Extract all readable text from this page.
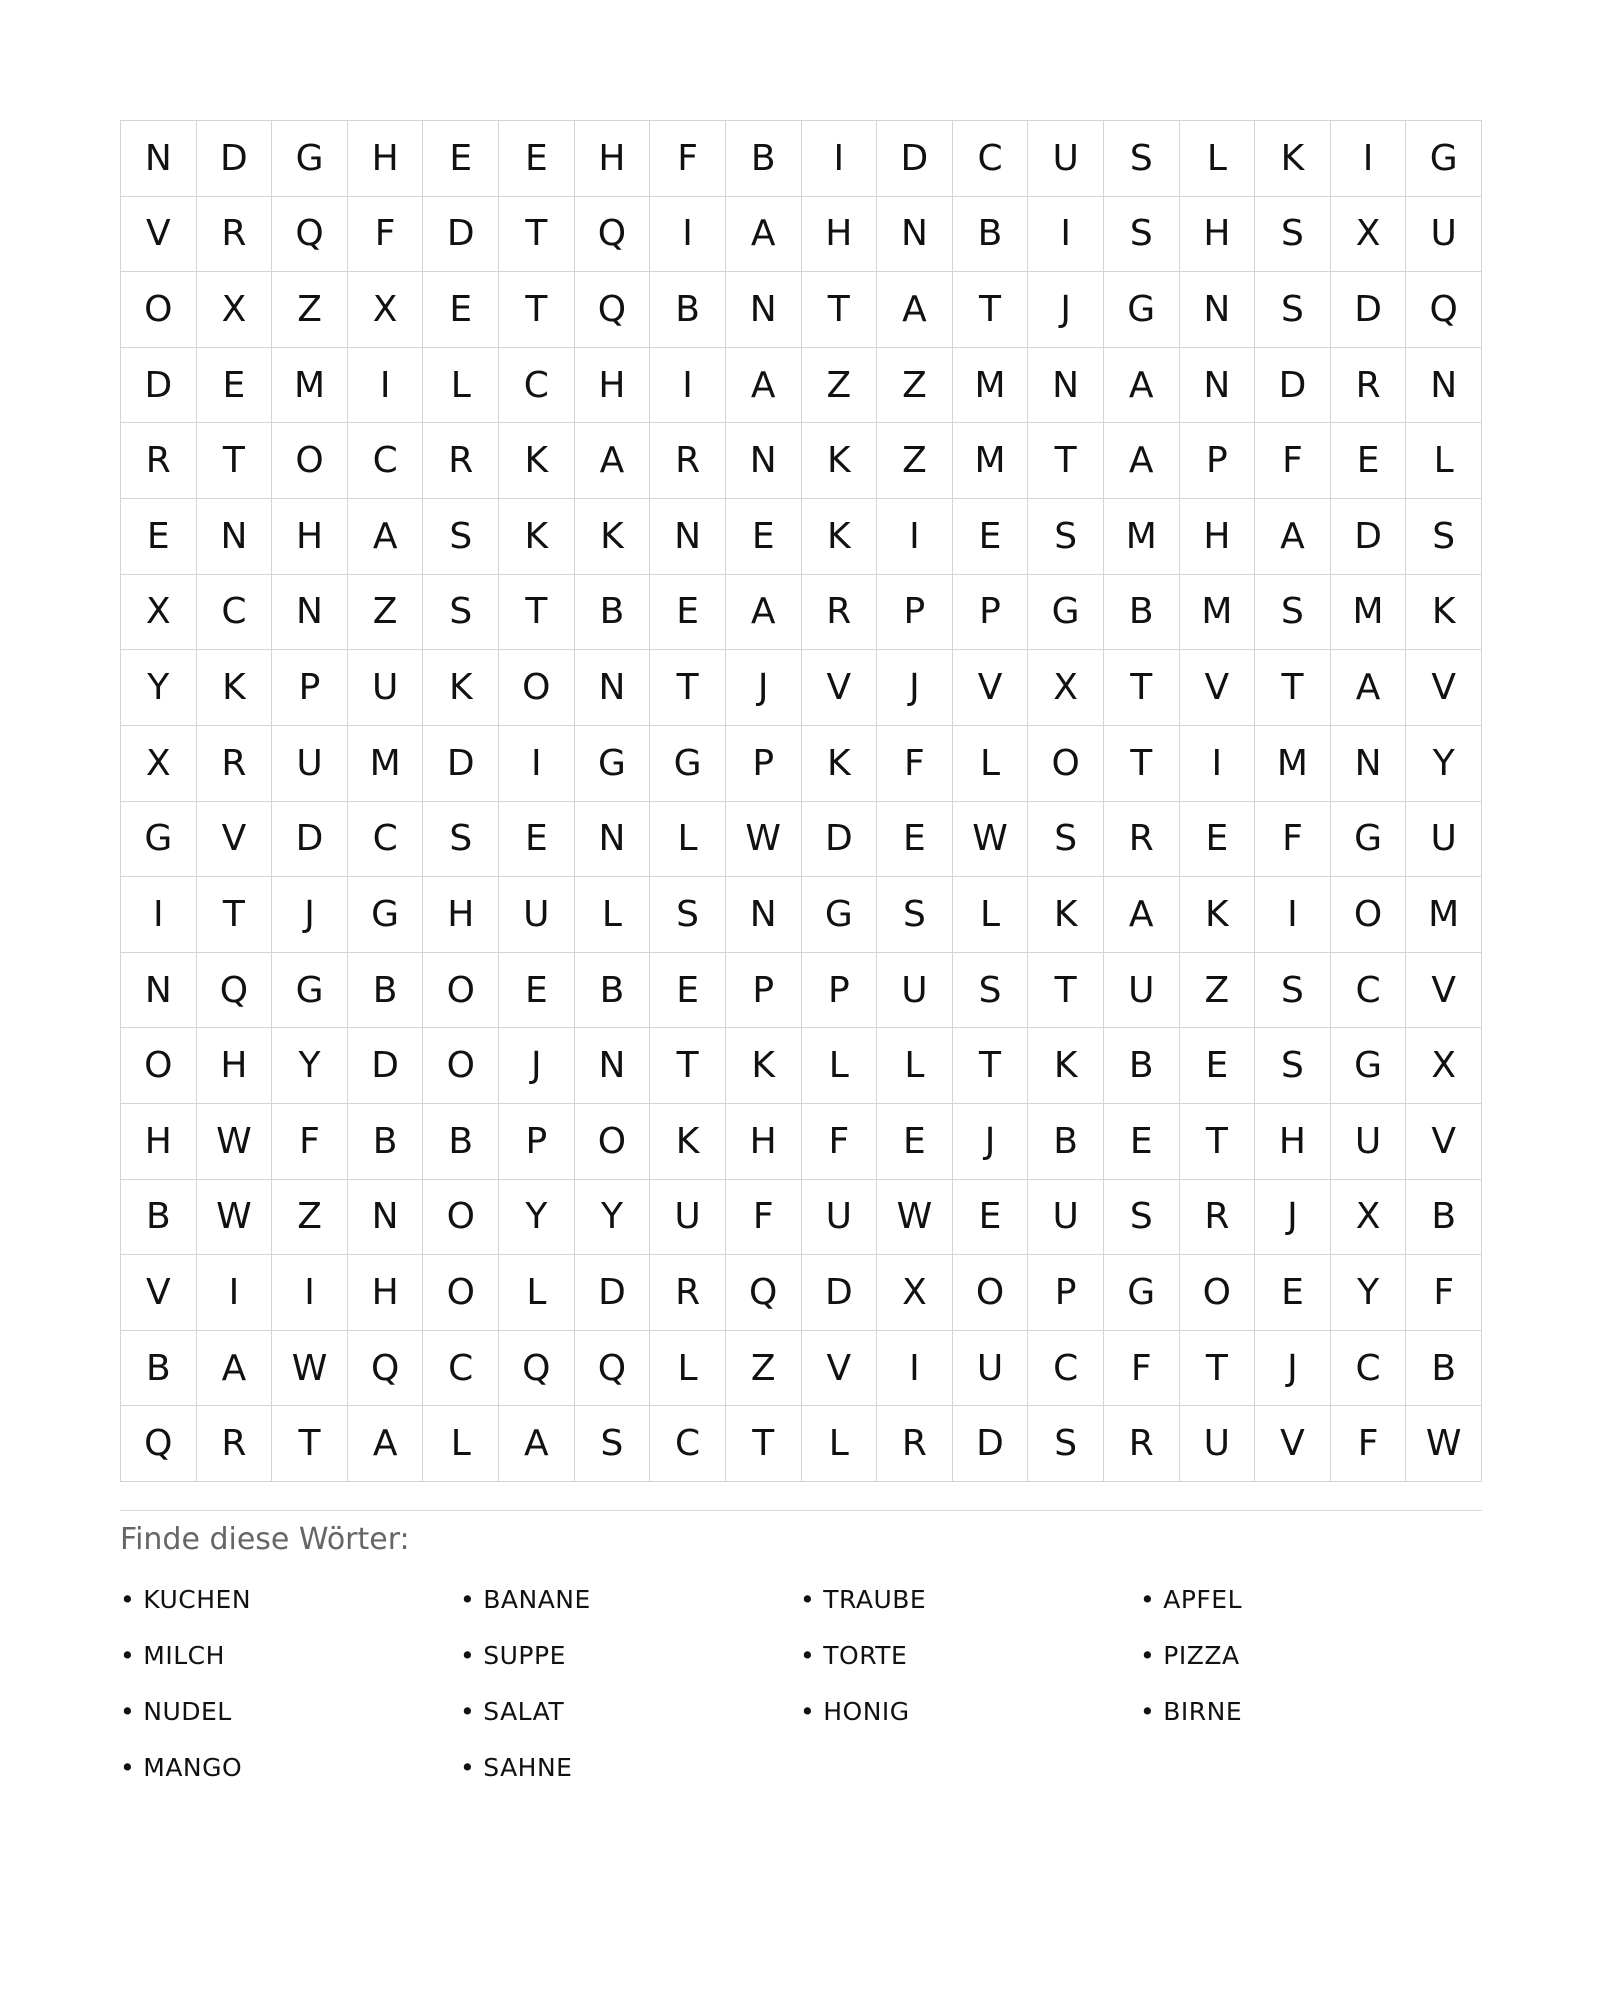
N	D	G	H	E	E	H	F	B	I	D	C	U	S	L	K	I	G
V	R	Q	F	D	T	Q	I	A	H	N	B	I	S	H	S	X	U
O	X	Z	X	E	T	Q	B	N	T	A	T	J	G	N	S	D	Q
D	E	M	I	L	C	H	I	A	Z	Z	M	N	A	N	D	R	N
R	T	O	C	R	K	A	R	N	K	Z	M	T	A	P	F	E	L
E	N	H	A	S	K	K	N	E	K	I	E	S	M	H	A	D	S
X	C	N	Z	S	T	B	E	A	R	P	P	G	B	M	S	M	K
Y	K	P	U	K	O	N	T	J	V	J	V	X	T	V	T	A	V
X	R	U	M	D	I	G	G	P	K	F	L	O	T	I	M	N	Y
G	V	D	C	S	E	N	L	W	D	E	W	S	R	E	F	G	U
I	T	J	G	H	U	L	S	N	G	S	L	K	A	K	I	O	M
N	Q	G	B	O	E	B	E	P	P	U	S	T	U	Z	S	C	V
O	H	Y	D	O	J	N	T	K	L	L	T	K	B	E	S	G	X
H	W	F	B	B	P	O	K	H	F	E	J	B	E	T	H	U	V
B	W	Z	N	O	Y	Y	U	F	U	W	E	U	S	R	J	X	B
V	I	I	H	O	L	D	R	Q	D	X	O	P	G	O	E	Y	F
B	A	W	Q	C	Q	Q	L	Z	V	I	U	C	F	T	J	C	B
Q	R	T	A	L	A	S	C	T	L	R	D	S	R	U	V	F	W

Finde diese Wörter:

• KUCHEN	• BANANE	• TRAUBE	• APFEL
• MILCH	• SUPPE	• TORTE	• PIZZA
• NUDEL	• SALAT	• HONIG	• BIRNE
• MANGO	• SAHNE
